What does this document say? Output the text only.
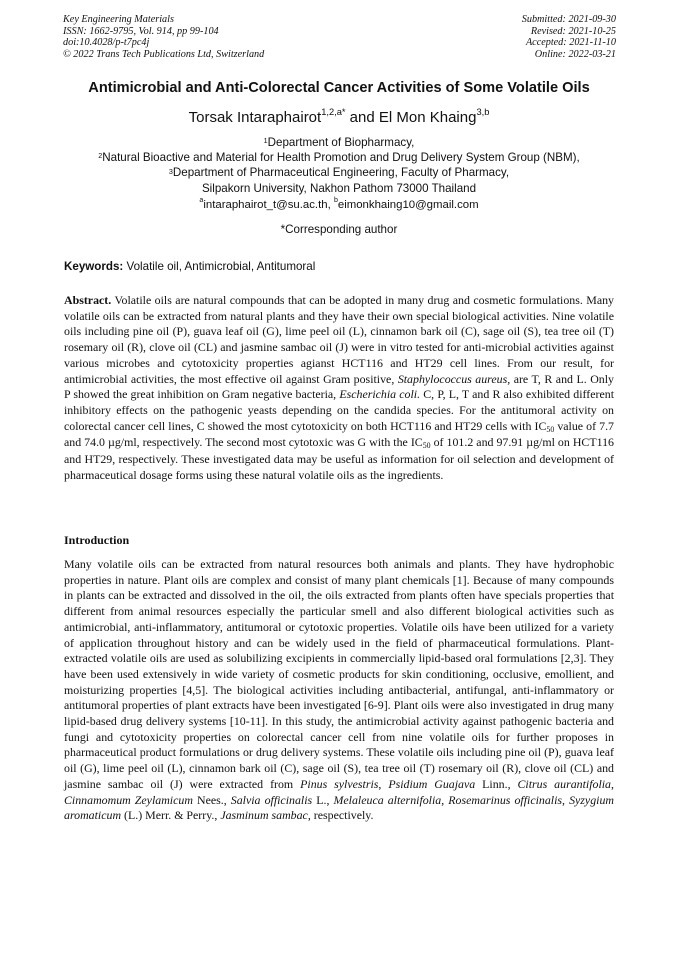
Key Engineering Materials
ISSN: 1662-9795, Vol. 914, pp 99-104
doi:10.4028/p-t7pc4j
© 2022 Trans Tech Publications Ltd, Switzerland
Submitted: 2021-09-30
Revised: 2021-10-25
Accepted: 2021-11-10
Online: 2022-03-21
Antimicrobial and Anti-Colorectal Cancer Activities of Some Volatile Oils
Torsak Intaraphairot$^{1,2,a*}$ and El Mon Khaing$^{3,b}$
$^1$Department of Biopharmacy,
$^2$Natural Bioactive and Material for Health Promotion and Drug Delivery System Group (NBM),
$^3$Department of Pharmaceutical Engineering, Faculty of Pharmacy,
Silpakorn University, Nakhon Pathom 73000 Thailand
$^a$intaraphairot_t@su.ac.th, $^b$eimonkhaing10@gmail.com
*Corresponding author
Keywords: Volatile oil, Antimicrobial, Antitumoral

Abstract. Volatile oils are natural compounds that can be adopted in many drug and cosmetic formulations. Many volatile oils can be extracted from natural plants and they have their own special biological activities. Nine volatile oils including pine oil (P), guava leaf oil (G), lime peel oil (L), cinnamon bark oil (C), sage oil (S), tea tree oil (T) rosemary oil (R), clove oil (CL) and jasmine sambac oil (J) were in vitro tested for anti-microbial activities against various microbes and cytotoxicity properties agianst HCT116 and HT29 cell lines. From our result, for antimicrobial activities, the most effective oil against Gram positive, Staphylococcus aureus, are T, R and L. Only P showed the great inhibition on Gram negative bacteria, Escherichia coli. C, P, L, T and R also exhibited different inhibitory effects on the pathogenic yeasts depending on the candida species. For the antitumoral activity on colorectal cancer cell lines, C showed the most cytotoxicity on both HCT116 and HT29 cells with $IC_{50}$ value of 7.7 and 74.0 µg/ml, respectively. The second most cytotoxic was G with the $IC_{50}$ of 101.2 and 97.91 µg/ml on HCT116 and HT29, respectively. These investigated data may be useful as information for oil selection and development of pharmaceutical dosage forms using these natural volatile oils as the ingredients.

Introduction

Many volatile oils can be extracted from natural resources both animals and plants. They have hydrophobic properties in nature. Plant oils are complex and consist of many plant chemicals [1]. Because of many compounds in plants can be extracted and dissolved in the oil, the oils extracted from plants often have specials properties that different from animal resources especially the particular smell and also different biological activities such as antimicrobial, anti-inflammatory, antitumoral or cytotoxic properties. Volatile oils have been utilized for a variety of application throughout history and can be widely used in the field of pharmaceutical formulations. Plant-extracted volatile oils are used as solubilizing excipients in commercially lipid-based oral formulations [2,3]. They have been used extensively in wide variety of cosmetic products for skin conditioning, occlusive, emollient, and moisturizing properties [4,5]. The biological activities including antibacterial, antifungal, anti-inflammatory or antitumoral properties of plant extracts have been investigated [6-9]. Plant oils were also investigated in drug many lipid-based drug delivery systems [10-11]. In this study, the antimicrobial activity against pathogenic bacteria and fungi and cytotoxicity properties on colorectal cancer cell from nine volatile oils for further proposes in pharmaceutical product formulations or drug delivery systems. These volatile oils including pine oil (P), guava leaf oil (G), lime peel oil (L), cinnamon bark oil (C), sage oil (S), tea tree oil (T) rosemary oil (R), clove oil (CL) and jasmine sambac oil (J) were extracted from Pinus sylvestris, Psidium Guajava Linn., Citrus aurantifolia, Cinnamomum Zeylamicum Nees., Salvia officinalis L., Melaleuca alternifolia, Rosemarinus officinalis, Syzygium aromaticum (L.) Merr. & Perry., Jasminum sambac, respectively.
